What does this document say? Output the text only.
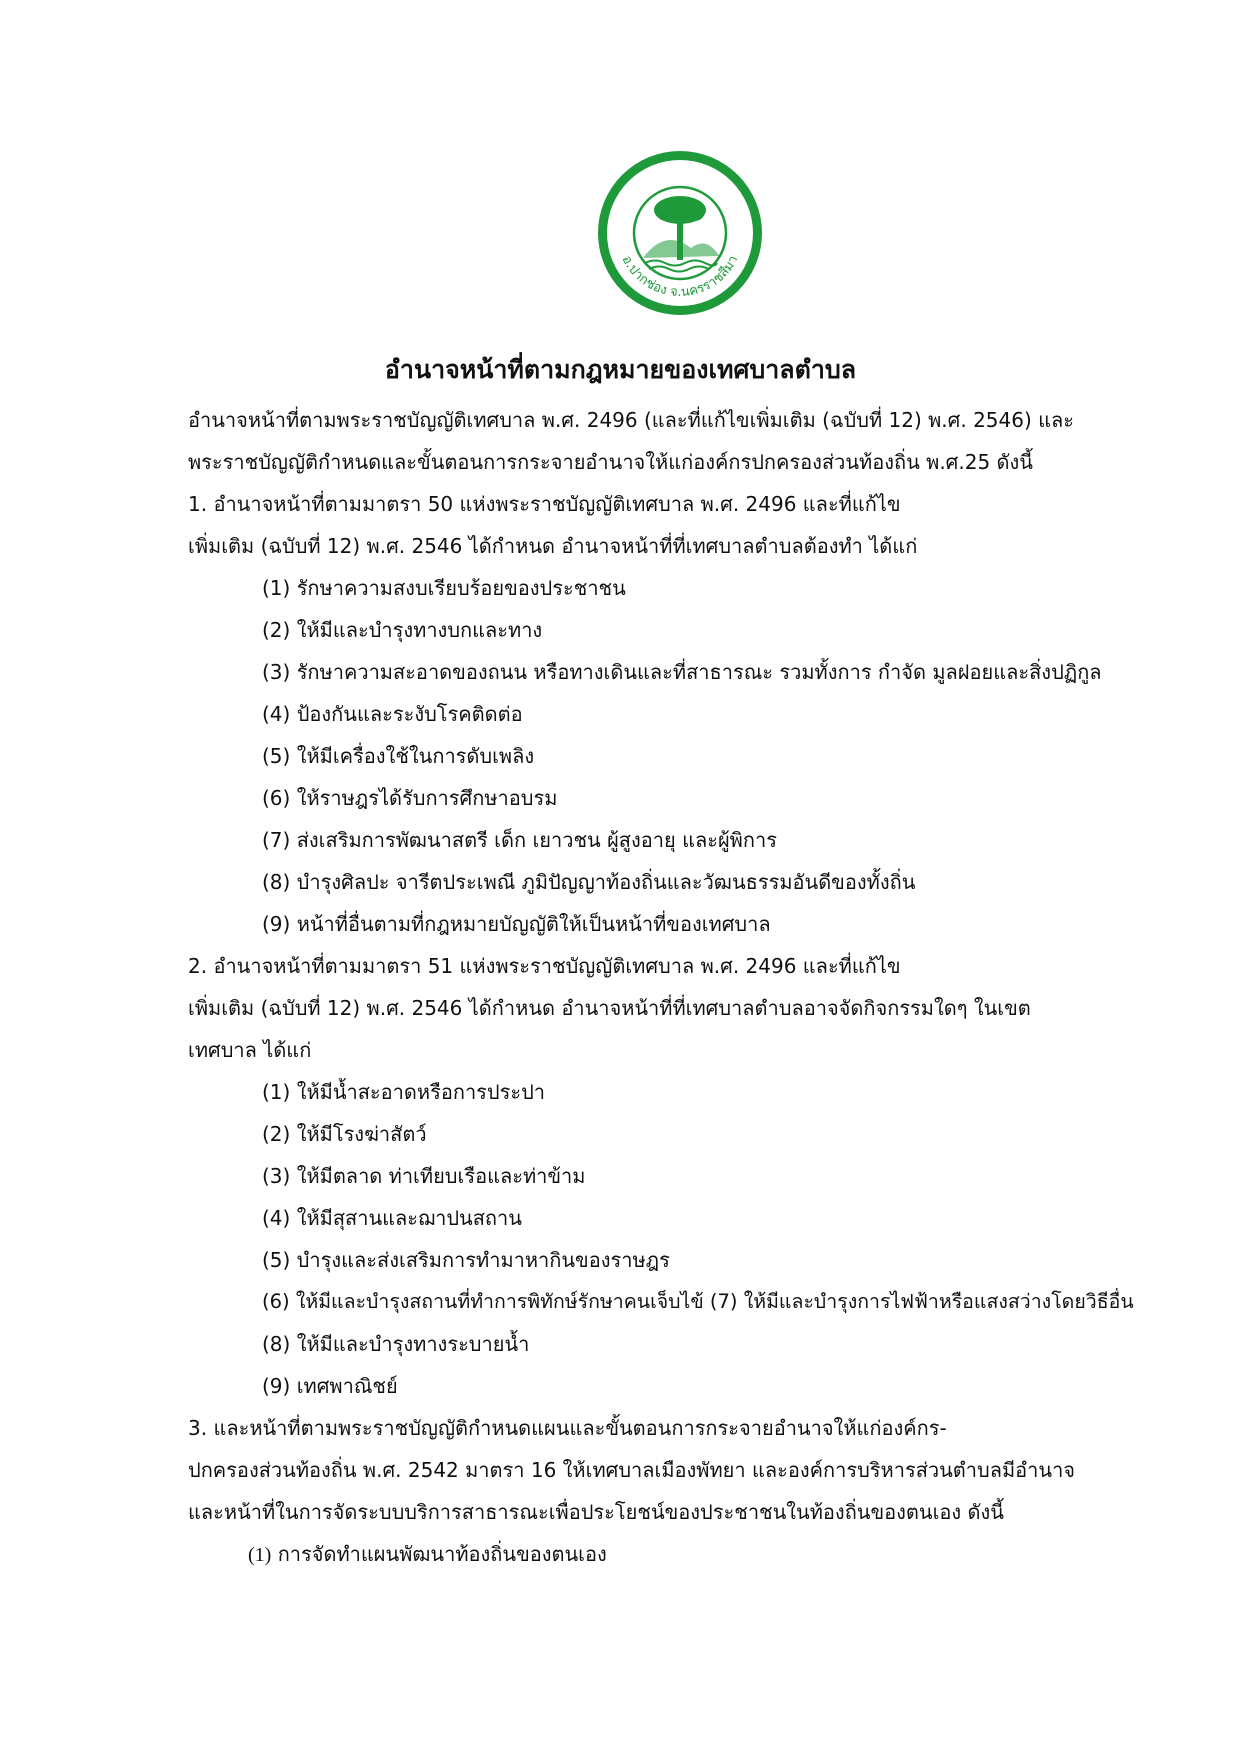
เทศบาลตำบลหนองหญ้าปล้อง
อ.ปากช่อง จ.นครราชสีมา
อำนาจหน้าที่ตามกฎหมายของเทศบาลตำบล
อำนาจหน้าที่ตามพระราชบัญญัติเทศบาล พ.ศ. 2496 (และที่แก้ไขเพิ่มเติม (ฉบับที่ 12) พ.ศ. 2546) และ
พระราชบัญญัติกำหนดและขั้นตอนการกระจายอำนาจให้แก่องค์กรปกครองส่วนท้องถิ่น พ.ศ.25 ดังนี้
1. อำนาจหน้าที่ตามมาตรา 50 แห่งพระราชบัญญัติเทศบาล พ.ศ. 2496 และที่แก้ไข
เพิ่มเติม (ฉบับที่ 12) พ.ศ. 2546 ได้กำหนด อำนาจหน้าที่ที่เทศบาลตำบลต้องทำ ได้แก่
(1) รักษาความสงบเรียบร้อยของประชาชน
(2) ให้มีและบำรุงทางบกและทาง
(3) รักษาความสะอาดของถนน หรือทางเดินและที่สาธารณะ รวมทั้งการ กำจัด มูลฝอยและสิ่งปฏิกูล
(4) ป้องกันและระงับโรคติดต่อ
(5) ให้มีเครื่องใช้ในการดับเพลิง
(6) ให้ราษฎรได้รับการศึกษาอบรม
(7) ส่งเสริมการพัฒนาสตรี เด็ก เยาวชน ผู้สูงอายุ และผู้พิการ
(8) บำรุงศิลปะ จารีตประเพณี ภูมิปัญญาท้องถิ่นและวัฒนธรรมอันดีของทั้งถิ่น
(9) หน้าที่อื่นตามที่กฎหมายบัญญัติให้เป็นหน้าที่ของเทศบาล
2. อำนาจหน้าที่ตามมาตรา 51 แห่งพระราชบัญญัติเทศบาล พ.ศ. 2496 และที่แก้ไข
เพิ่มเติม (ฉบับที่ 12) พ.ศ. 2546 ได้กำหนด อำนาจหน้าที่ที่เทศบาลตำบลอาจจัดกิจกรรมใดๆ ในเขต
เทศบาล ได้แก่
(1) ให้มีน้ำสะอาดหรือการประปา
(2) ให้มีโรงฆ่าสัตว์
(3) ให้มีตลาด ท่าเทียบเรือและท่าข้าม
(4) ให้มีสุสานและฌาปนสถาน
(5) บำรุงและส่งเสริมการทำมาหากินของราษฎร
(6) ให้มีและบำรุงสถานที่ทำการพิทักษ์รักษาคนเจ็บไข้ (7) ให้มีและบำรุงการไฟฟ้าหรือแสงสว่างโดยวิธีอื่น
(8) ให้มีและบำรุงทางระบายน้ำ
(9) เทศพาณิชย์
3. และหน้าที่ตามพระราชบัญญัติกำหนดแผนและขั้นตอนการกระจายอำนาจให้แก่องค์กร-
ปกครองส่วนท้องถิ่น พ.ศ. 2542 มาตรา 16 ให้เทศบาลเมืองพัทยา และองค์การบริหารส่วนตำบลมีอำนาจ
และหน้าที่ในการจัดระบบบริการสาธารณะเพื่อประโยชน์ของประชาชนในท้องถิ่นของตนเอง ดังนี้
(1) การจัดทำแผนพัฒนาท้องถิ่นของตนเอง
